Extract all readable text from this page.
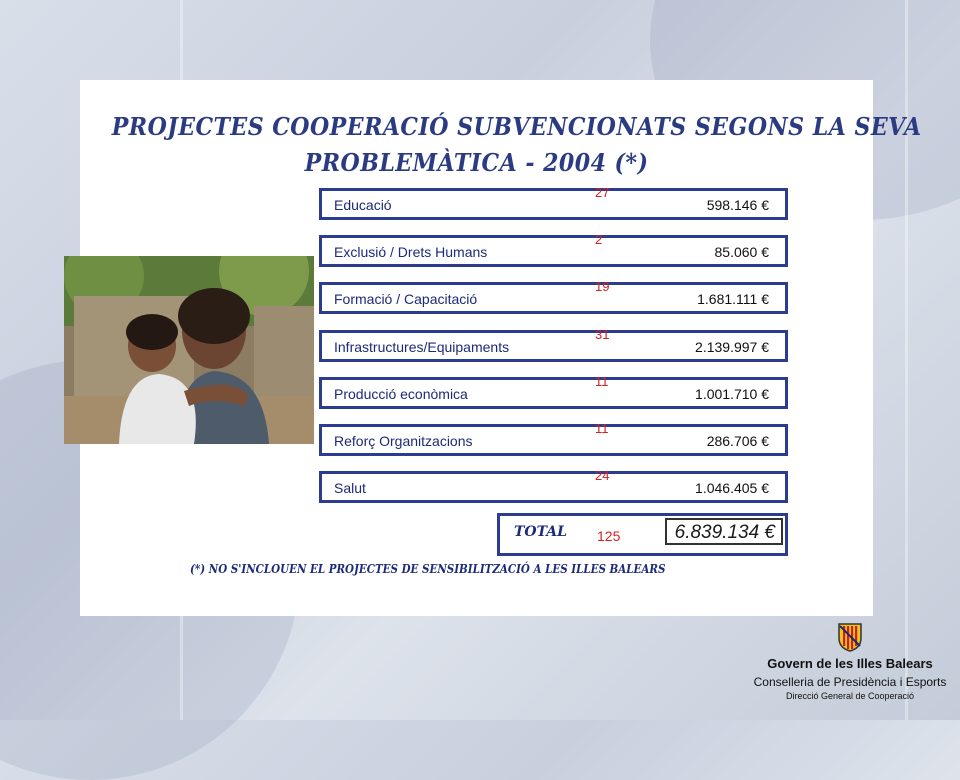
PROJECTES COOPERACIÓ SUBVENCIONATS SEGONS LA SEVA
PROBLEMÀTICA - 2004 (*)
(*) NO S'INCLOUEN EL PROJECTES DE SENSIBILITZACIÓ A LES ILLES BALEARS
Educació
27
598.146 €
Exclusió / Drets Humans
2
85.060 €
Formació / Capacitació
19
1.681.111 €
Infrastructures/Equipaments
31
2.139.997 €
Producció econòmica
11
1.001.710 €
Reforç Organitzacions
11
286.706 €
Salut
24
1.046.405 €
TOTAL 125	6.839.134 €
Govern de les Illes Balears
Conselleria de Presidència i Esports
Direcció General de Cooperació
